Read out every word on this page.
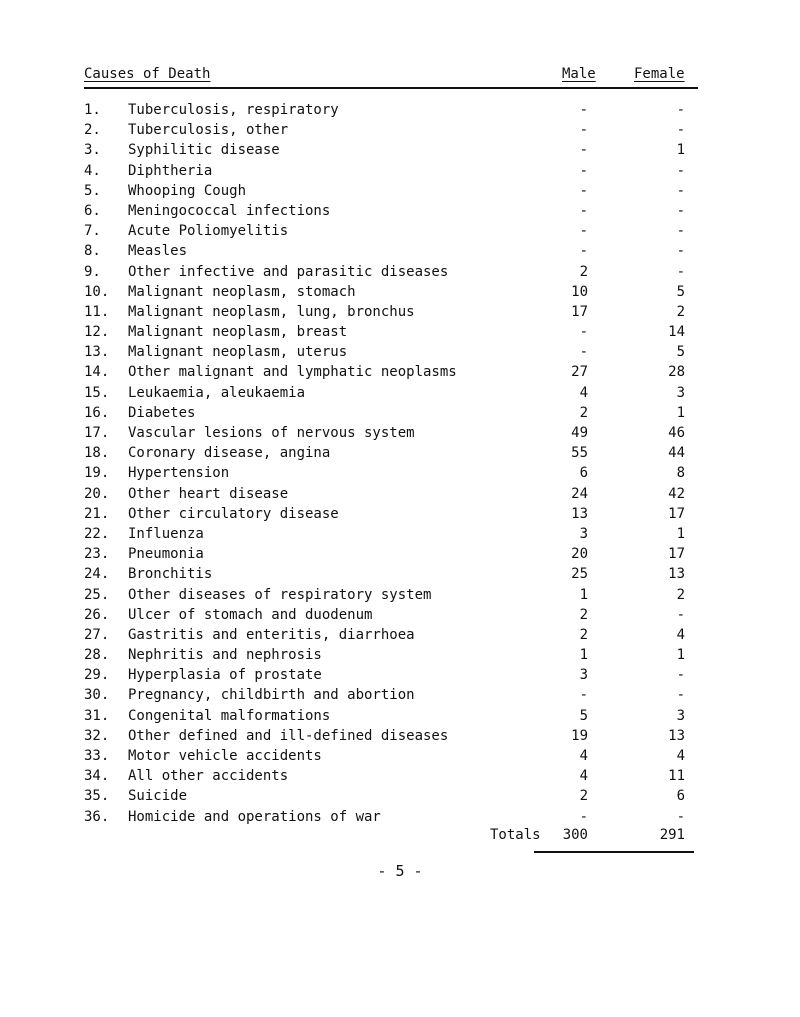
Causes of Death	Male	Female
1. Tuberculosis, respiratory	-	-
2. Tuberculosis, other	-	-
3. Syphilitic disease	-	1
4. Diphtheria	-	-
5. Whooping Cough	-	-
6. Meningococcal infections	-	-
7. Acute Poliomyelitis	-	-
8. Measles	-	-
9. Other infective and parasitic diseases	2	-
10. Malignant neoplasm, stomach	10	5
11. Malignant neoplasm, lung, bronchus	17	2
12. Malignant neoplasm, breast	-	14
13. Malignant neoplasm, uterus	-	5
14. Other malignant and lymphatic neoplasms	27	28
15. Leukaemia, aleukaemia	4	3
16. Diabetes	2	1
17. Vascular lesions of nervous system	49	46
18. Coronary disease, angina	55	44
19. Hypertension	6	8
20. Other heart disease	24	42
21. Other circulatory disease	13	17
22. Influenza	3	1
23. Pneumonia	20	17
24. Bronchitis	25	13
25. Other diseases of respiratory system	1	2
26. Ulcer of stomach and duodenum	2	-
27. Gastritis and enteritis, diarrhoea	2	4
28. Nephritis and nephrosis	1	1
29. Hyperplasia of prostate	3	-
30. Pregnancy, childbirth and abortion	-	-
31. Congenital malformations	5	3
32. Other defined and ill-defined diseases	19	13
33. Motor vehicle accidents	4	4
34. All other accidents	4	11
35. Suicide	2	6
36. Homicide and operations of war	-	-
Totals 300	291
- 5 -
